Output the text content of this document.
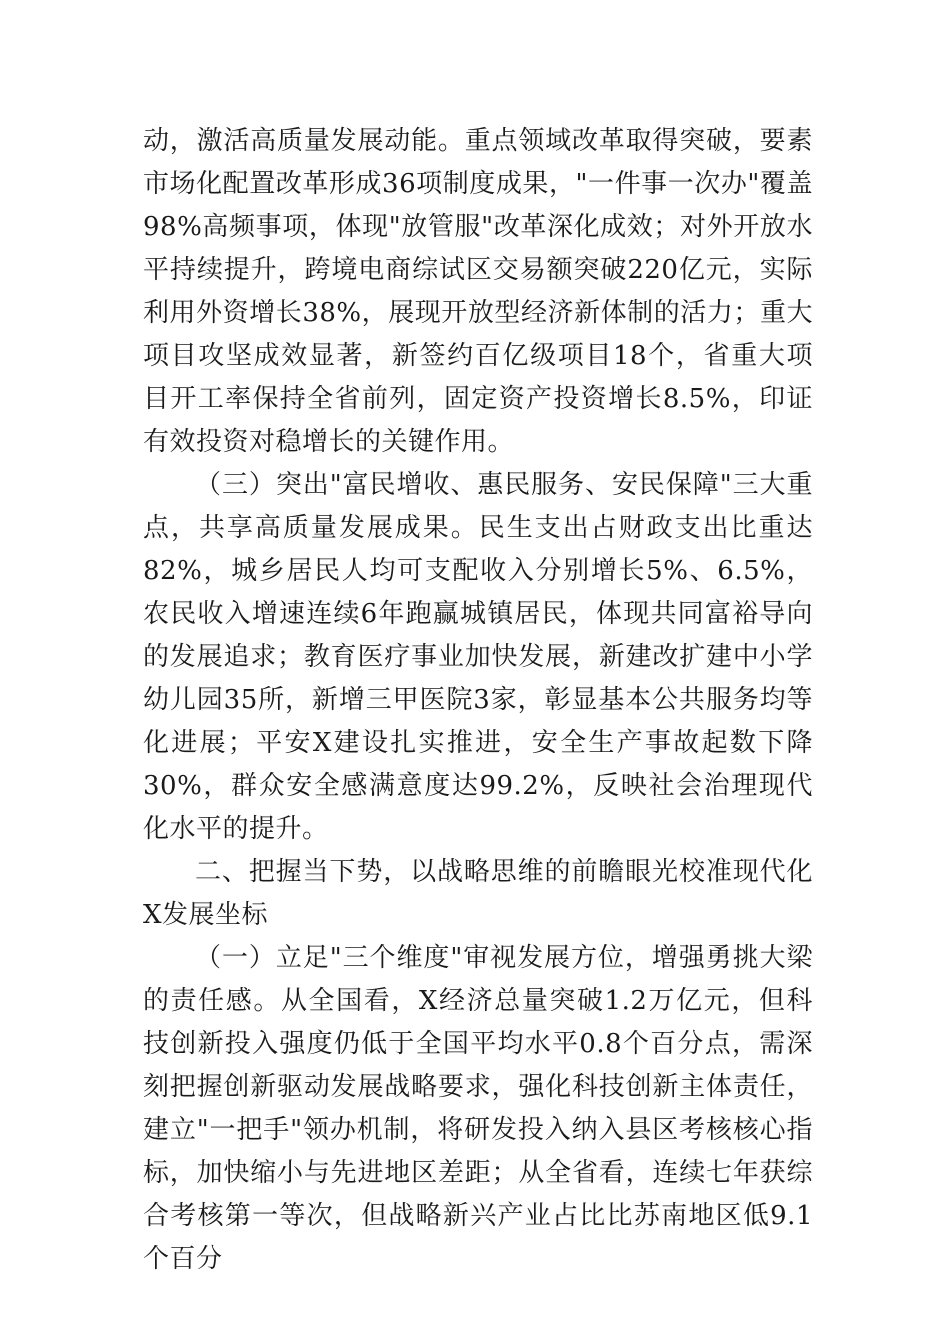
动，激活高质量发展动能。重点领域改革取得突破，要素市场化配置改革形成36项制度成果，"一件事一次办"覆盖98%高频事项，体现"放管服"改革深化成效；对外开放水平持续提升，跨境电商综试区交易额突破220亿元，实际利用外资增长38%，展现开放型经济新体制的活力；重大项目攻坚成效显著，新签约百亿级项目18个，省重大项目开工率保持全省前列，固定资产投资增长8.5%，印证有效投资对稳增长的关键作用。

（三）突出"富民增收、惠民服务、安民保障"三大重点，共享高质量发展成果。民生支出占财政支出比重达82%，城乡居民人均可支配收入分别增长5%、6.5%，农民收入增速连续6年跑赢城镇居民，体现共同富裕导向的发展追求；教育医疗事业加快发展，新建改扩建中小学幼儿园35所，新增三甲医院3家，彰显基本公共服务均等化进展；平安X建设扎实推进，安全生产事故起数下降30%，群众安全感满意度达99.2%，反映社会治理现代化水平的提升。

二、把握当下势，以战略思维的前瞻眼光校准现代化X发展坐标

（一）立足"三个维度"审视发展方位，增强勇挑大梁的责任感。从全国看，X经济总量突破1.2万亿元，但科技创新投入强度仍低于全国平均水平0.8个百分点，需深刻把握创新驱动发展战略要求，强化科技创新主体责任，建立"一把手"领办机制，将研发投入纳入县区考核核心指标，加快缩小与先进地区差距；从全省看，连续七年获综合考核第一等次，但战略新兴产业占比比苏南地区低9.1个百分
